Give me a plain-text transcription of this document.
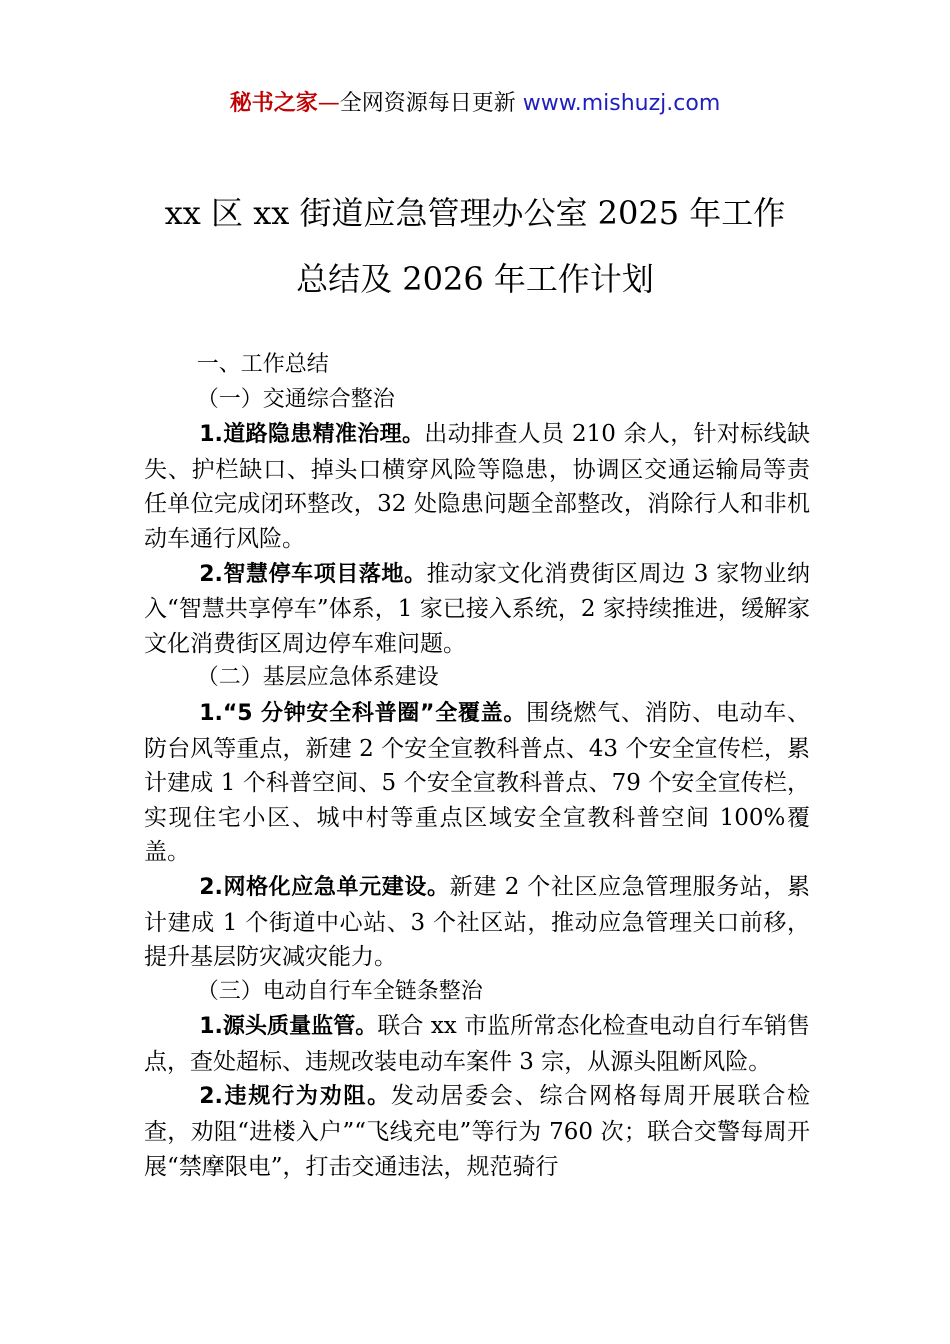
秘书之家—全网资源每日更新 www.mishuzj.com
xx 区 xx 街道应急管理办公室 2025 年工作
总结及 2026 年工作计划

一、工作总结

（一）交通综合整治

1.道路隐患精准治理。出动排查人员 210 余人，针对标线缺失、护栏缺口、掉头口横穿风险等隐患，协调区交通运输局等责任单位完成闭环整改，32 处隐患问题全部整改，消除行人和非机动车通行风险。

2.智慧停车项目落地。推动家文化消费街区周边 3 家物业纳入“智慧共享停车”体系，1 家已接入系统，2 家持续推进，缓解家文化消费街区周边停车难问题。

（二）基层应急体系建设

1.“5 分钟安全科普圈”全覆盖。围绕燃气、消防、电动车、防台风等重点，新建 2 个安全宣教科普点、43 个安全宣传栏，累计建成 1 个科普空间、5 个安全宣教科普点、79 个安全宣传栏，实现住宅小区、城中村等重点区域安全宣教科普空间 100%覆盖。

2.网格化应急单元建设。新建 2 个社区应急管理服务站，累计建成 1 个街道中心站、3 个社区站，推动应急管理关口前移，提升基层防灾减灾能力。

（三）电动自行车全链条整治

1.源头质量监管。联合 xx 市监所常态化检查电动自行车销售点，查处超标、违规改装电动车案件 3 宗，从源头阻断风险。

2.违规行为劝阻。发动居委会、综合网格每周开展联合检查，劝阻“进楼入户”“飞线充电”等行为 760 次；联合交警每周开展“禁摩限电”，打击交通违法，规范骑行
